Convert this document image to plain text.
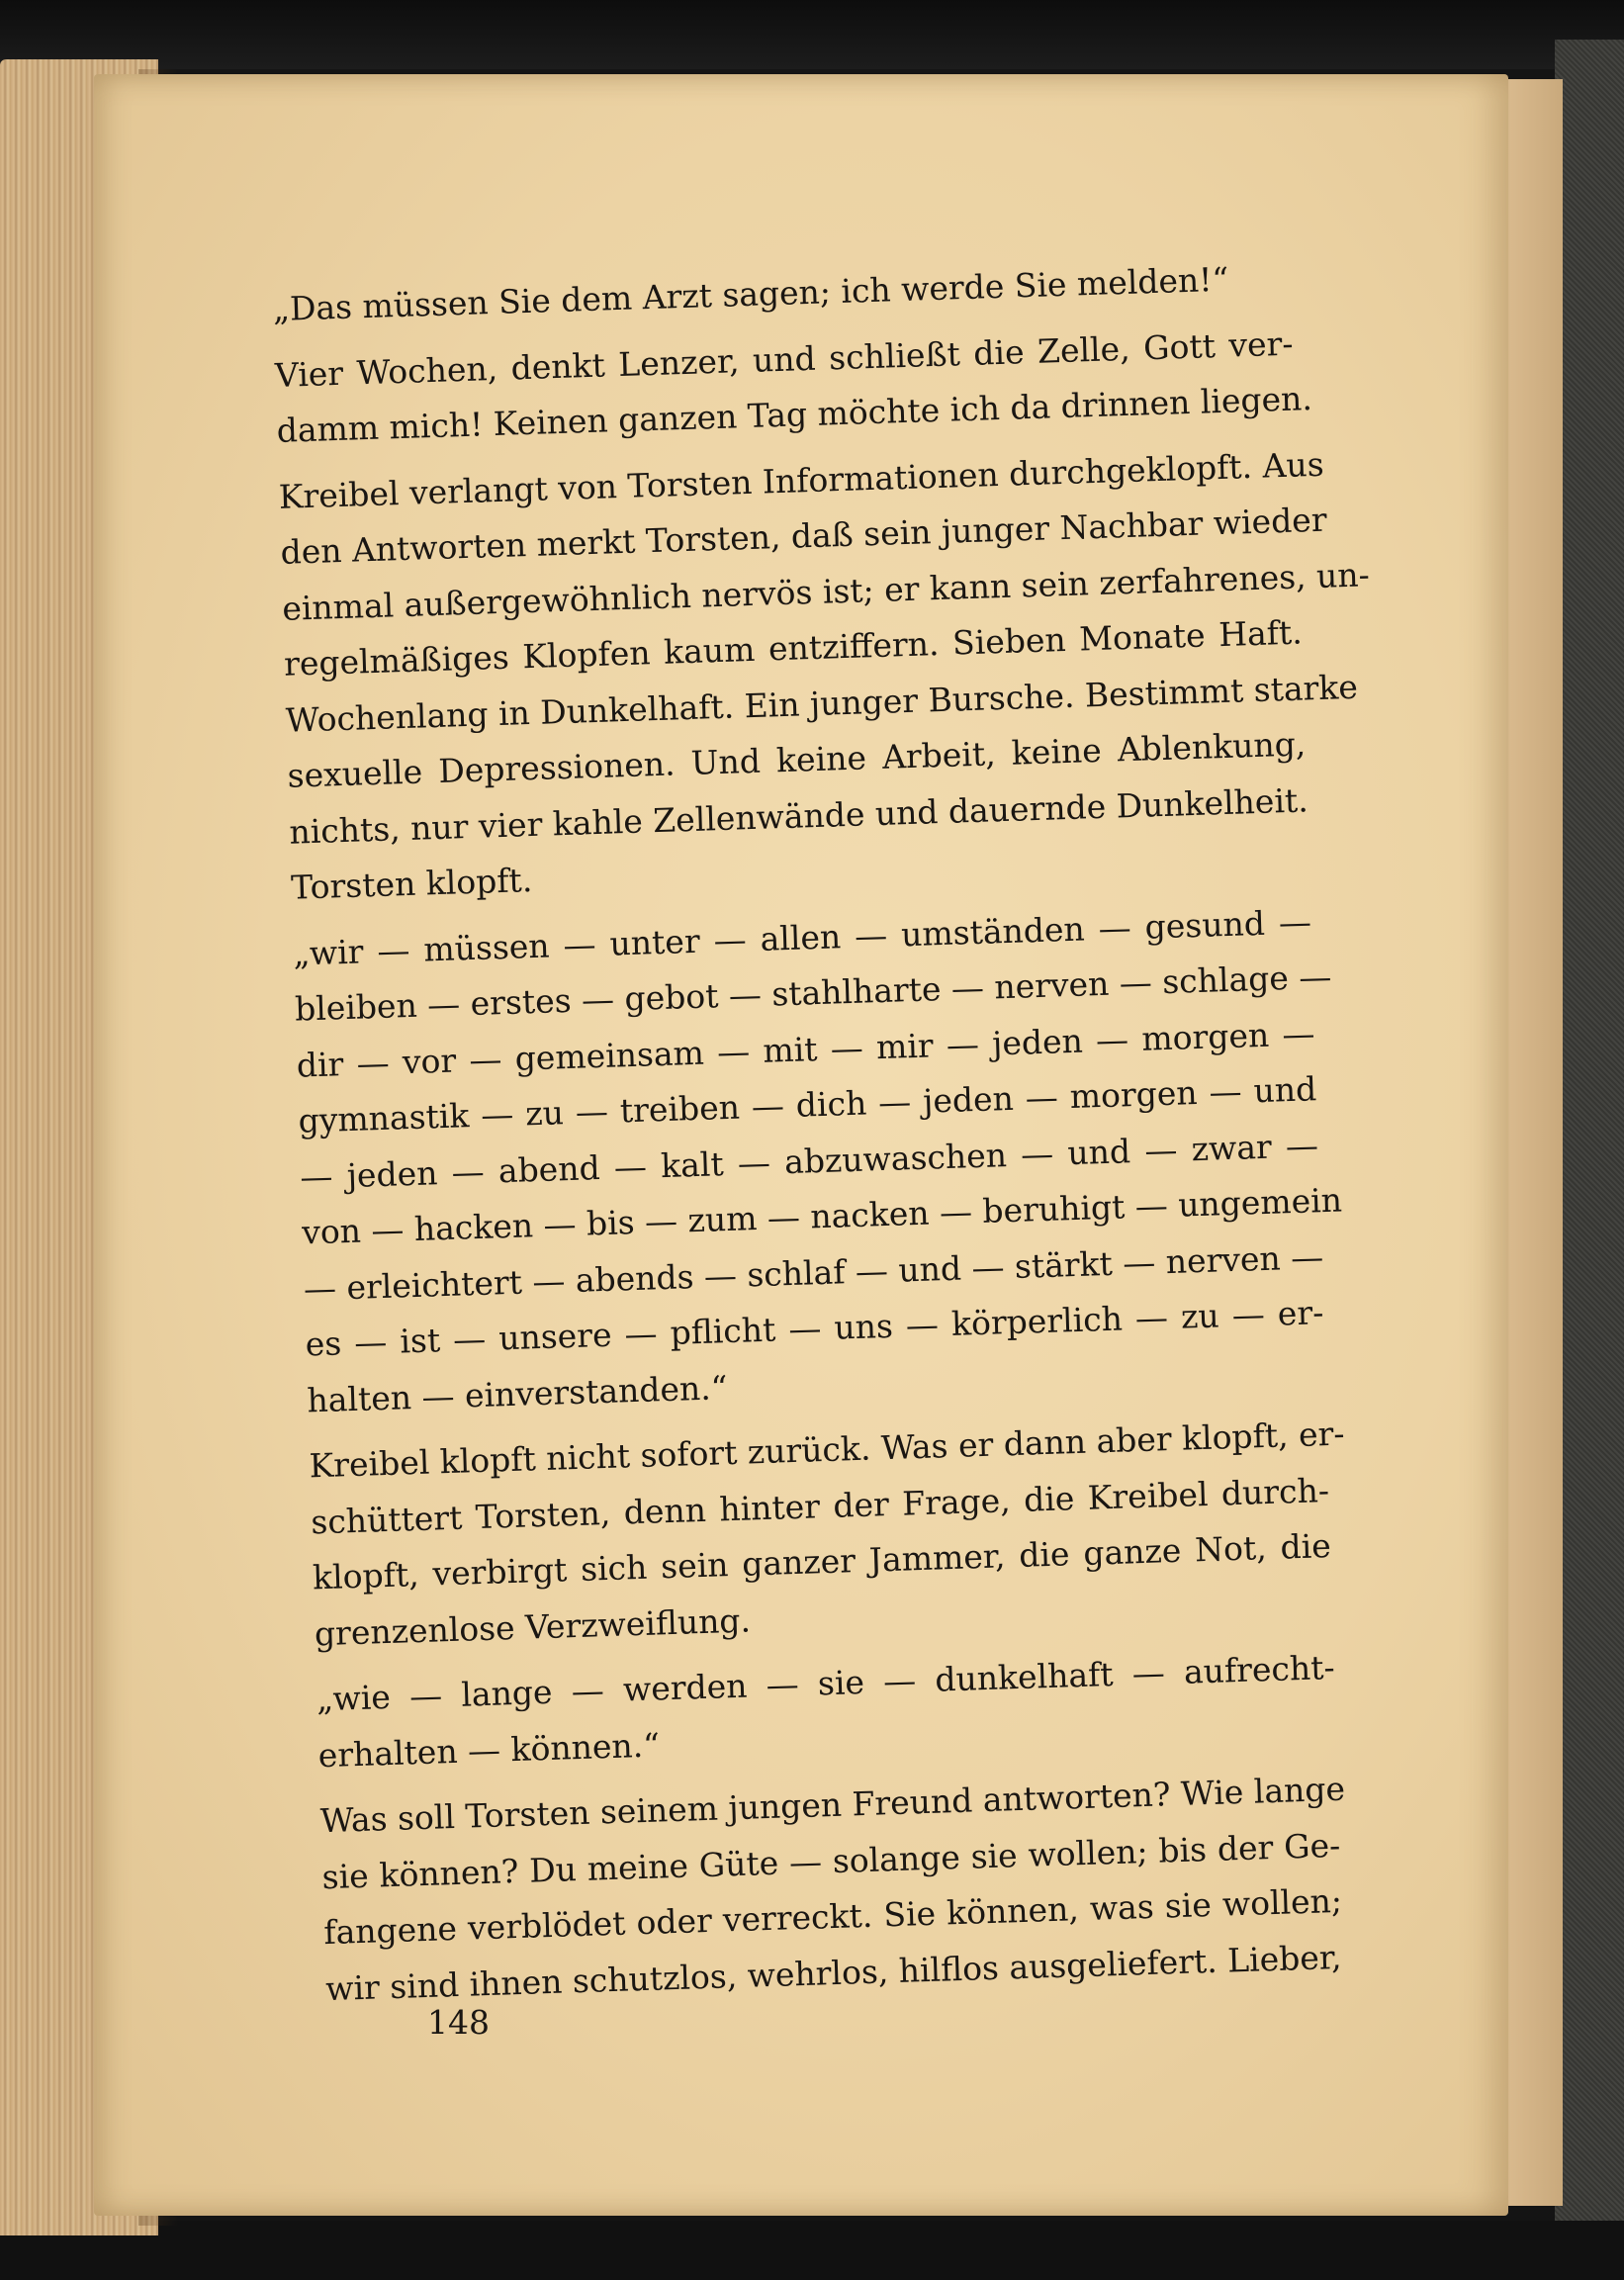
„Das müssen Sie dem Arzt sagen; ich werde Sie melden!“
Vier Wochen, denkt Lenzer, und schließt die Zelle, Gott ver-
damm mich! Keinen ganzen Tag möchte ich da drinnen liegen.
Kreibel verlangt von Torsten Informationen durchgeklopft. Aus
den Antworten merkt Torsten, daß sein junger Nachbar wieder
einmal außergewöhnlich nervös ist; er kann sein zerfahrenes, un-
regelmäßiges Klopfen kaum entziffern. Sieben Monate Haft.
Wochenlang in Dunkelhaft. Ein junger Bursche. Bestimmt starke
sexuelle Depressionen. Und keine Arbeit, keine Ablenkung,
nichts, nur vier kahle Zellenwände und dauernde Dunkelheit.
Torsten klopft.
„wir — müssen — unter — allen — umständen — gesund —
bleiben — erstes — gebot — stahlharte — nerven — schlage —
dir — vor — gemeinsam — mit — mir — jeden — morgen —
gymnastik — zu — treiben — dich — jeden — morgen — und
— jeden — abend — kalt — abzuwaschen — und — zwar —
von — hacken — bis — zum — nacken — beruhigt — ungemein
— erleichtert — abends — schlaf — und — stärkt — nerven —
es — ist — unsere — pflicht — uns — körperlich — zu — er-
halten — einverstanden.“
Kreibel klopft nicht sofort zurück. Was er dann aber klopft, er-
schüttert Torsten, denn hinter der Frage, die Kreibel durch-
klopft, verbirgt sich sein ganzer Jammer, die ganze Not, die
grenzenlose Verzweiflung.
„wie — lange — werden — sie — dunkelhaft — aufrecht-
erhalten — können.“
Was soll Torsten seinem jungen Freund antworten? Wie lange
sie können? Du meine Güte — solange sie wollen; bis der Ge-
fangene verblödet oder verreckt. Sie können, was sie wollen;
wir sind ihnen schutzlos, wehrlos, hilflos ausgeliefert. Lieber,
148
